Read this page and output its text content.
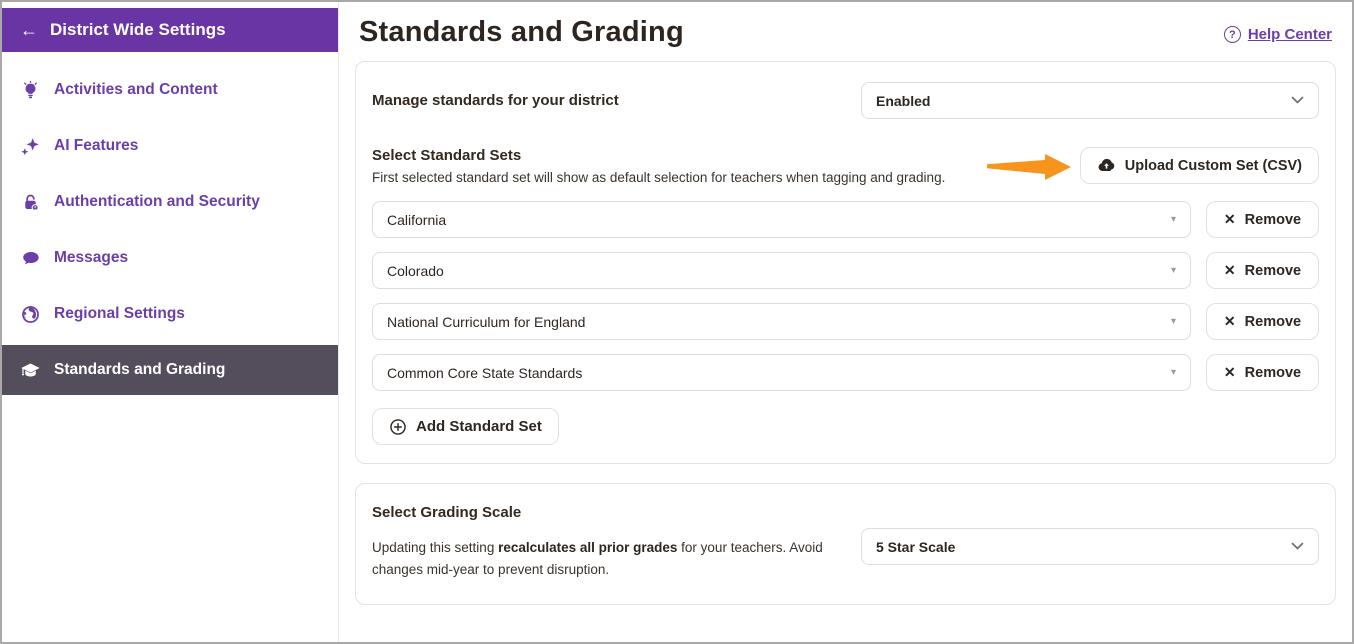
← District Wide Settings
Activities and Content
AI Features
Authentication and Security
Messages
Regional Settings
Standards and Grading
Standards and Grading	? Help Center
Manage standards for your district	Enabled
Select Standard Sets
First selected standard set will show as default selection for teachers when tagging and grading.
Upload Custom Set (CSV)
California	▾	✕ Remove
Colorado	▾	✕ Remove
National Curriculum for England	▾	✕ Remove
Common Core State Standards	▾	✕ Remove
Add Standard Set
Select Grading Scale
Updating this setting recalculates all prior grades for your teachers. Avoid changes mid-year to prevent disruption.
5 Star Scale
